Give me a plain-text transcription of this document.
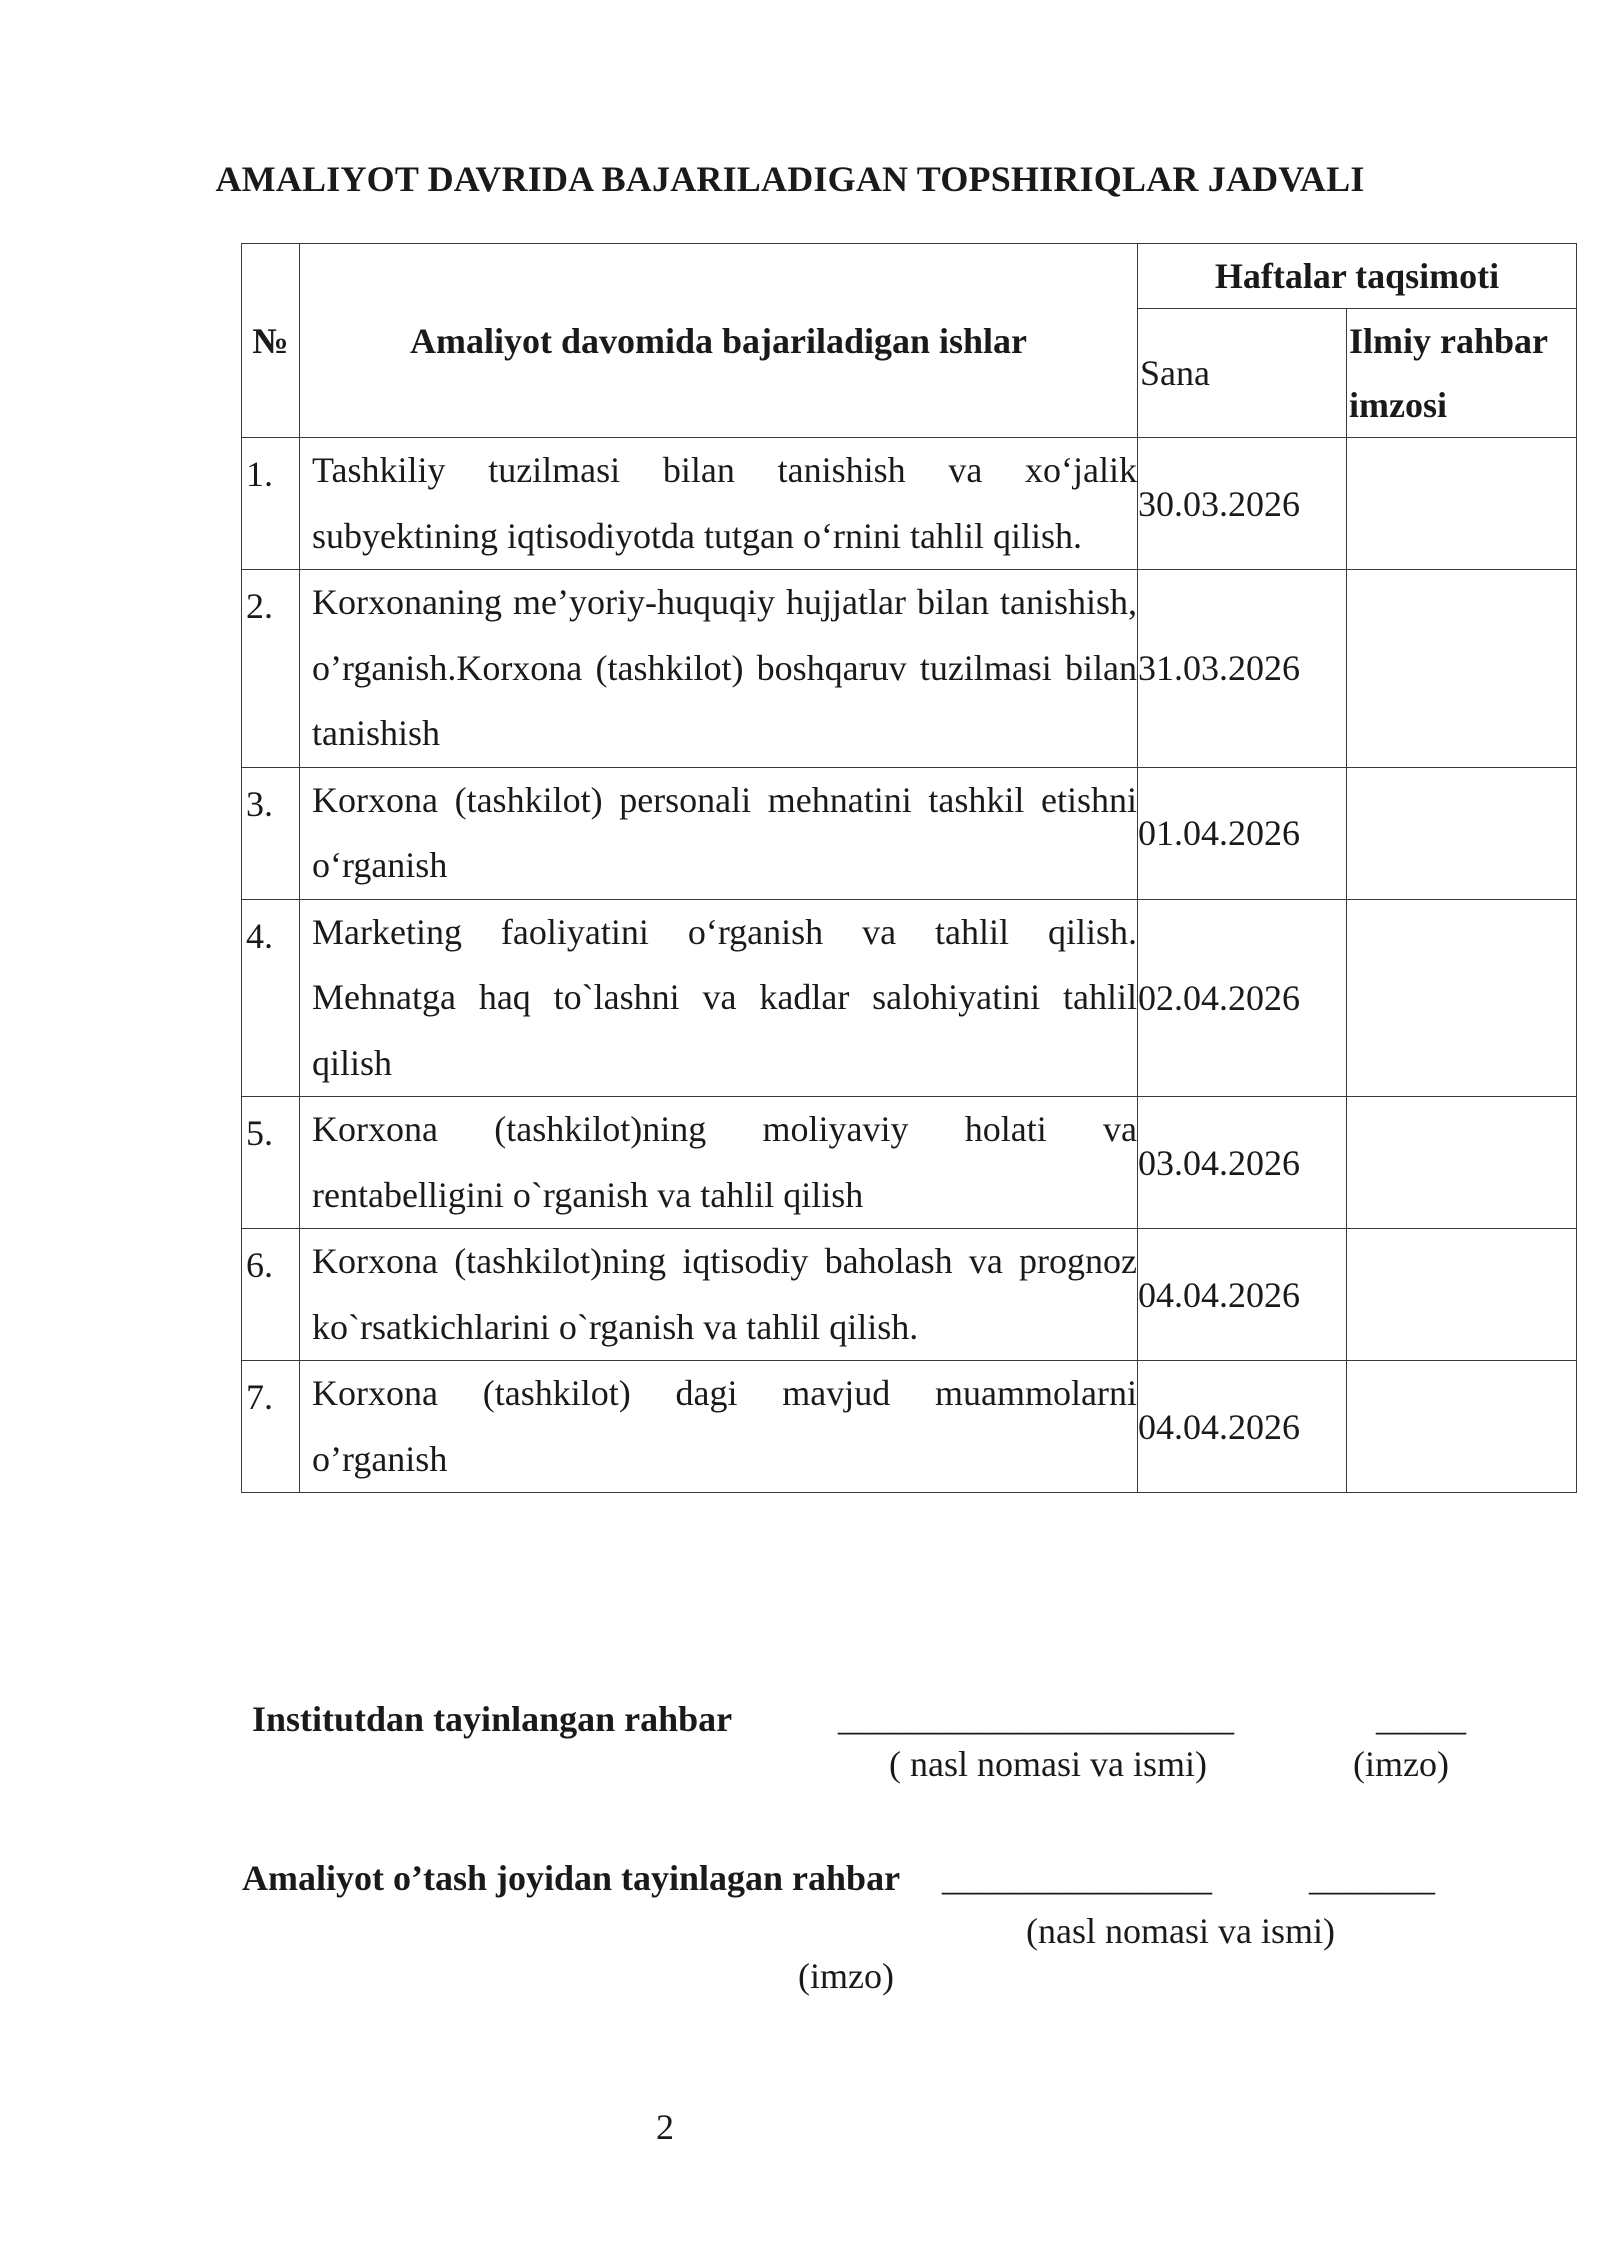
AMALIYOT DAVRIDA BAJARILADIGAN TOPSHIRIQLAR JADVALI
№	Amaliyot davomida bajariladigan ishlar	Haftalar taqsimoti	
		Sana	Ilmiy rahbar imzosi
1.	Tashkiliy tuzilmasi bilan tanishish va xo‘jalik subyektining iqtisodiyotda tutgan o‘rnini tahlil qilish.	30.03.2026	
2.	Korxonaning me’yoriy-huquqiy hujjatlar bilan tanishish, o’rganish.Korxona (tashkilot) boshqaruv tuzilmasi bilan tanishish	31.03.2026	
3.	Korxona (tashkilot) personali mehnatini tashkil etishni o‘rganish	01.04.2026	
4.	Marketing faoliyatini o‘rganish va tahlil qilish. Mehnatga haq to`lashni va kadlar salohiyatini tahlil qilish	02.04.2026	
5.	Korxona (tashkilot)ning moliyaviy holati va rentabelligini o`rganish va tahlil qilish	03.04.2026	
6.	Korxona (tashkilot)ning iqtisodiy baholash va prognoz ko`rsatkichlarini o`rganish va tahlil qilish.	04.04.2026	
7.	Korxona (tashkilot) dagi mavjud muammolarni o’rganish	04.04.2026	
Institutdan tayinlangan rahbar	______________________	_____
( nasl nomasi va ismi)	(imzo)
Amaliyot o’tash joyidan tayinlagan rahbar _______________	_______
(nasl nomasi va ismi)
(imzo)
2
